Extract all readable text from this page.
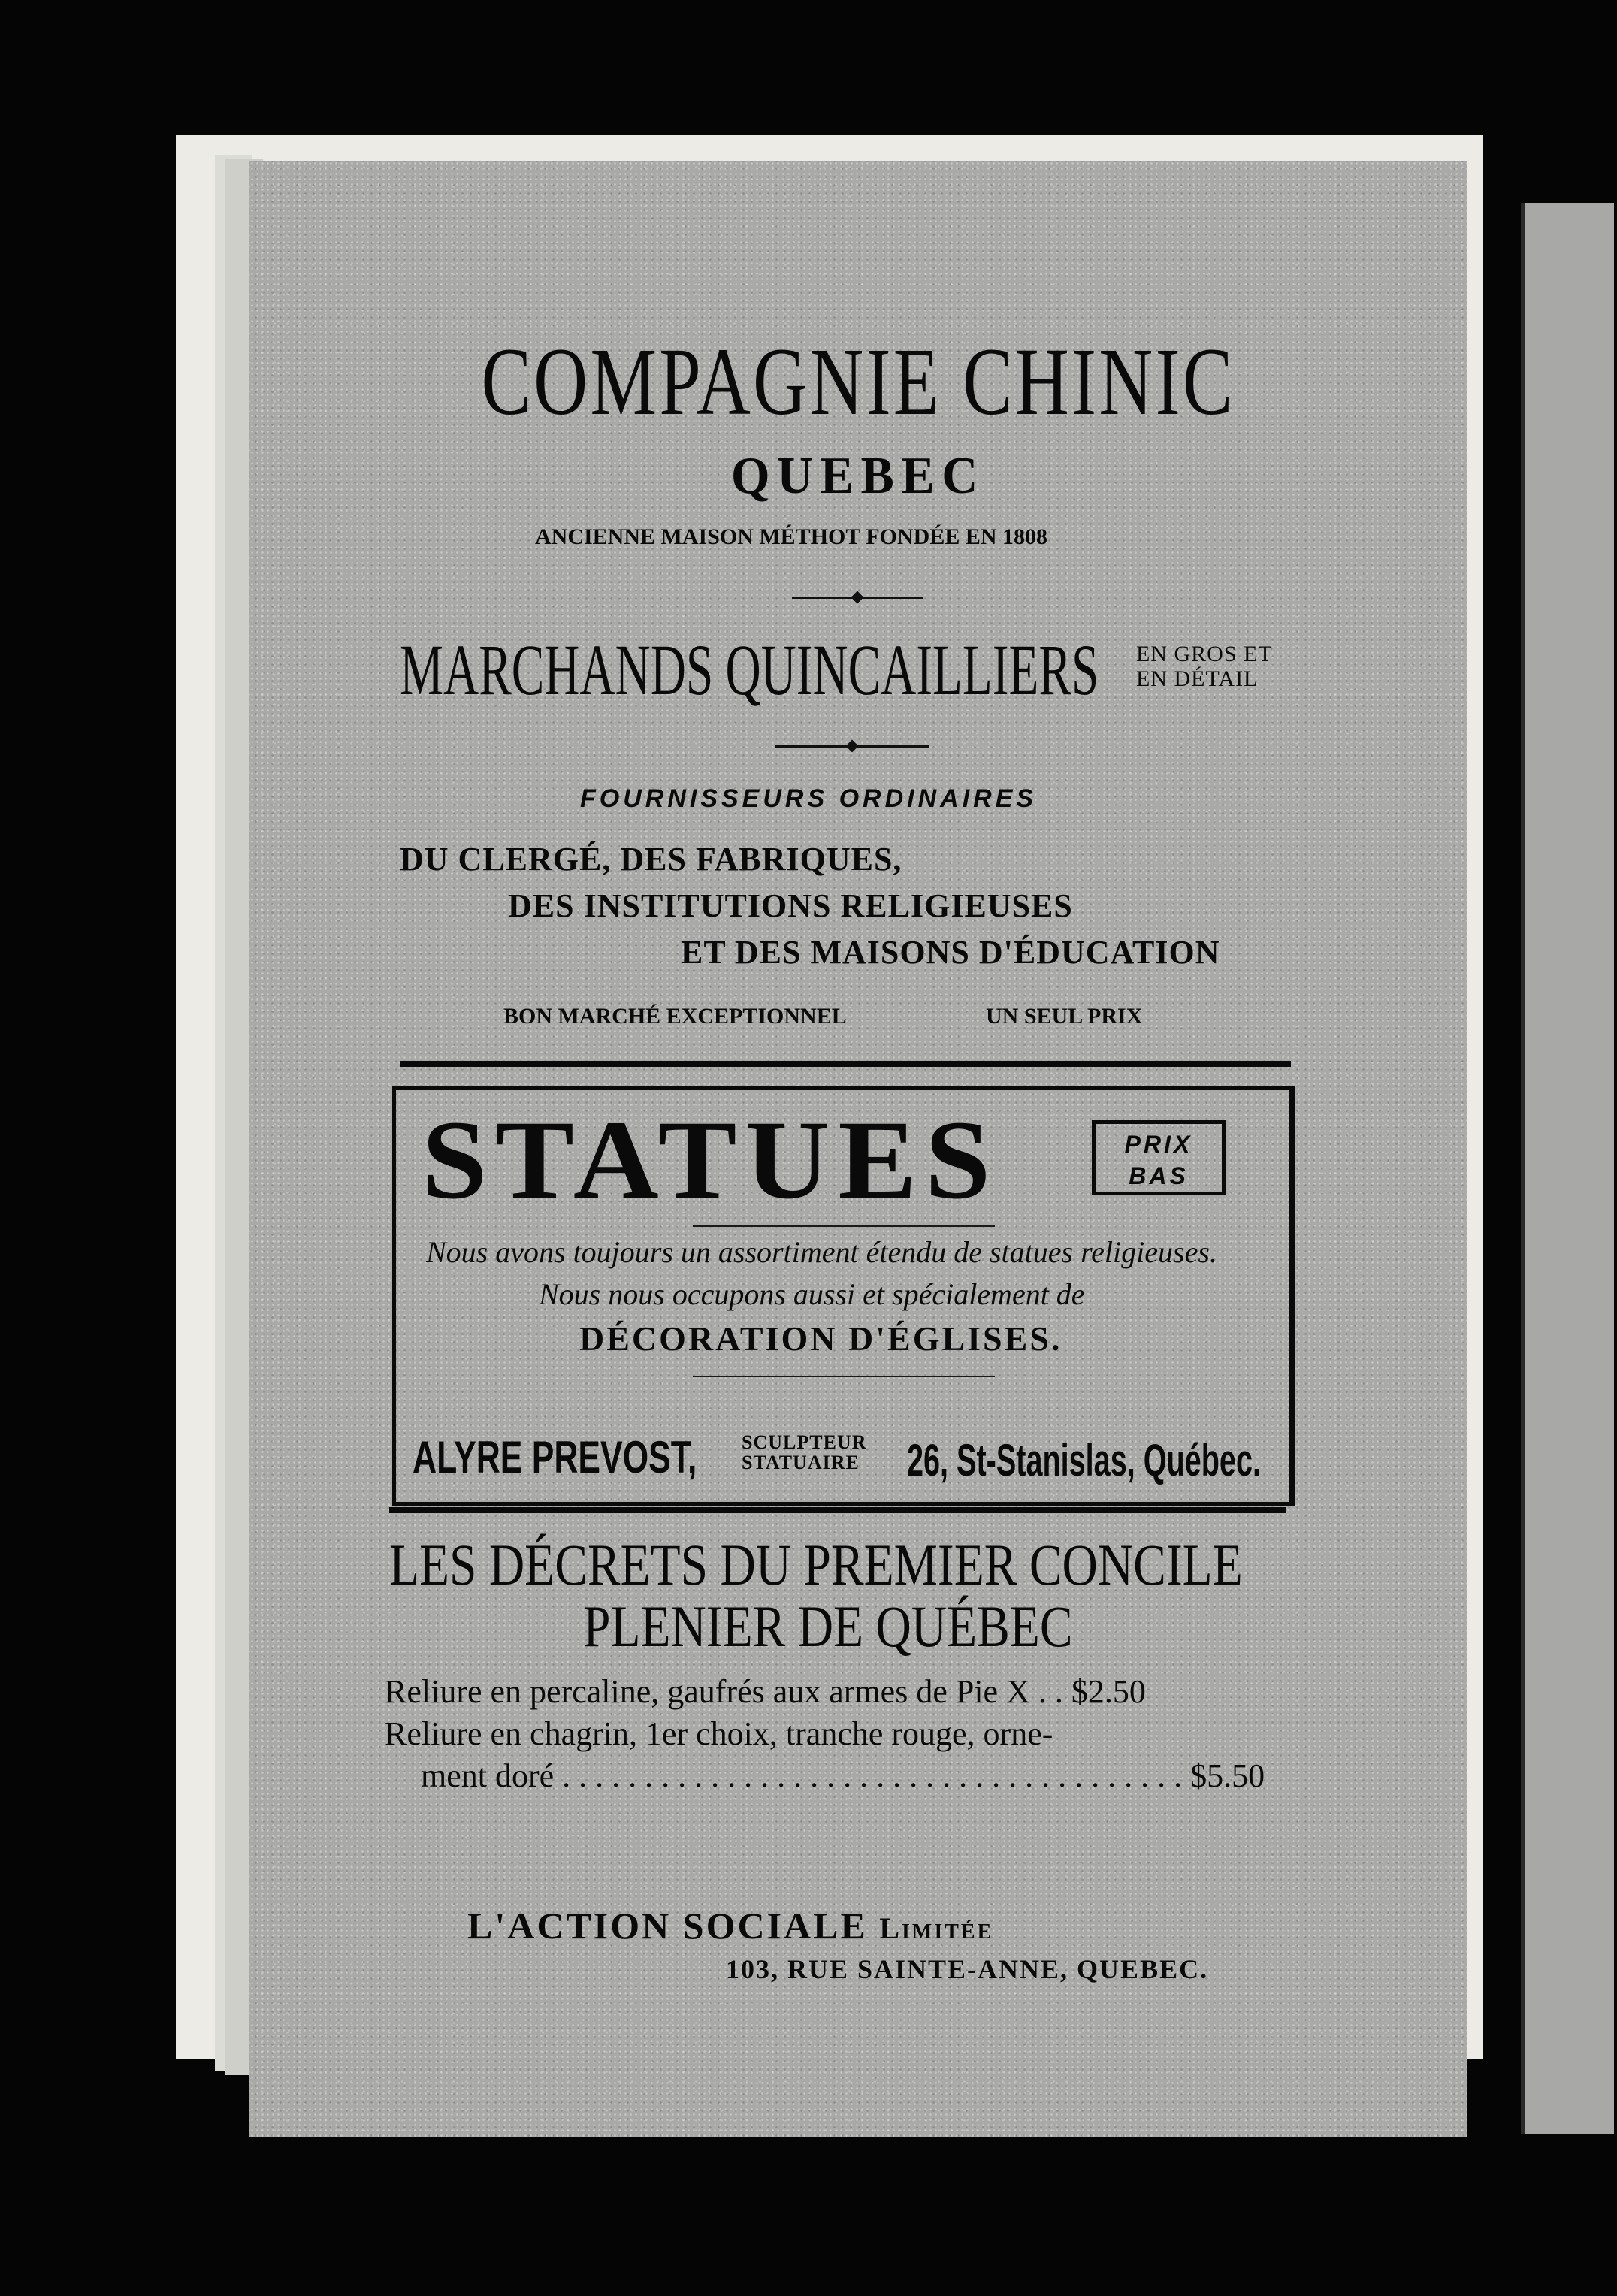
COMPAGNIE CHINIC
QUEBEC
ANCIENNE MAISON MÉTHOT FONDÉE EN 1808
MARCHANDS QUINCAILLIERS	EN GROS ET
EN DÉTAIL
FOURNISSEURS ORDINAIRES
DU CLERGÉ, DES FABRIQUES,
DES INSTITUTIONS RELIGIEUSES
ET DES MAISONS D'ÉDUCATION
BON MARCHÉ EXCEPTIONNEL	UN SEUL PRIX
STATUES	PRIX
BAS
Nous avons toujours un assortiment étendu de statues religieuses.
Nous nous occupons aussi et spécialement de
DÉCORATION D'ÉGLISES.
ALYRE PREVOST,	SCULPTEUR
STATUAIRE 26, St-Stanislas, Québec.
LES DÉCRETS DU PREMIER CONCILE
PLENIER DE QUÉBEC
Reliure en percaline, gaufrés aux armes de Pie X . . $2.50
Reliure en chagrin, 1er choix, tranche rouge, orne-
ment doré . . . . . . . . . . . . . . . . . . . . . . . . . . . . . . . . . . . . . . $5.50
L'ACTION SOCIALE Limitée
103, RUE SAINTE-ANNE, QUEBEC.
